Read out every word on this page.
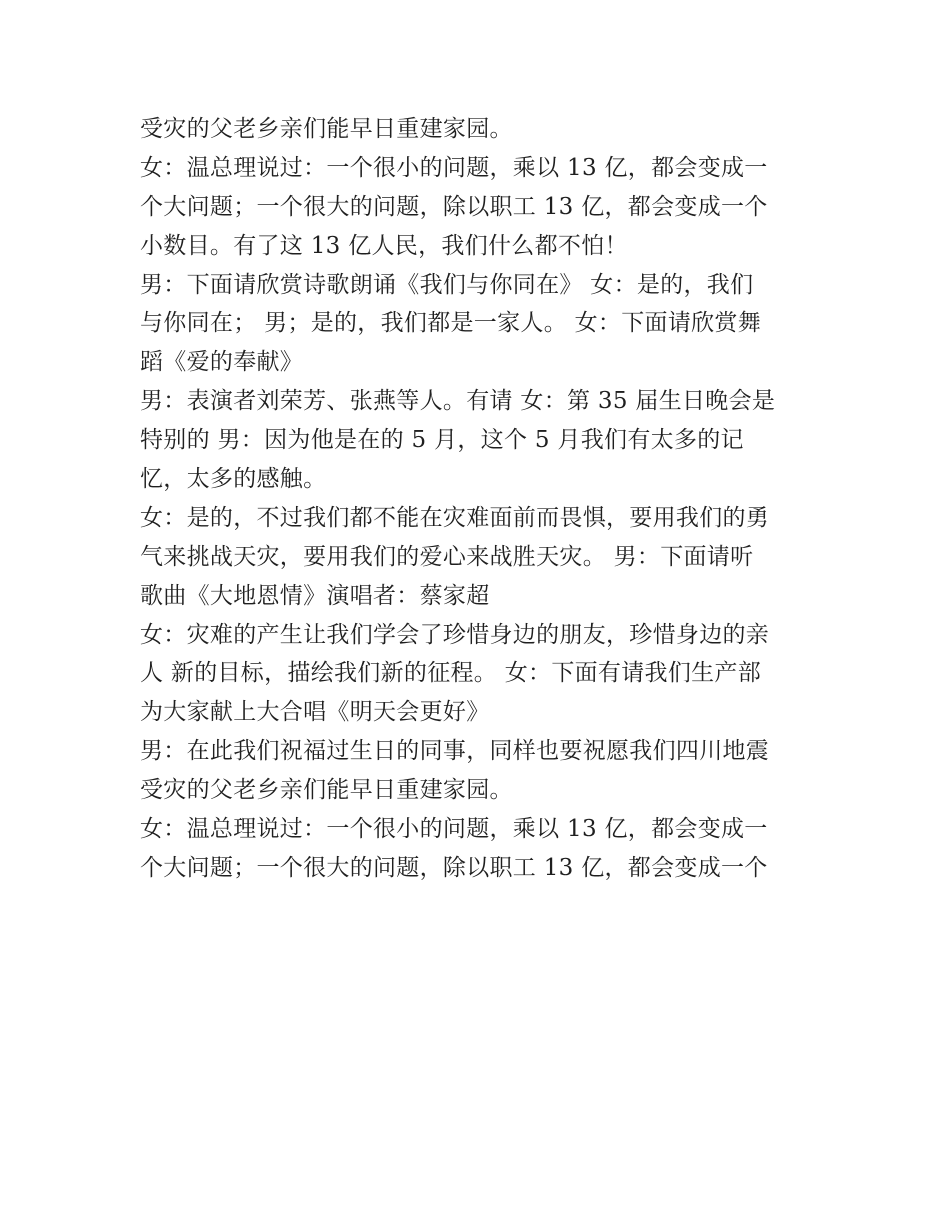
受灾的父老乡亲们能早日重建家园。
女：温总理说过：一个很小的问题，乘以 13 亿，都会变成一
个大问题；一个很大的问题，除以职工 13 亿，都会变成一个
小数目。有了这 13 亿人民，我们什么都不怕！
男：下面请欣赏诗歌朗诵《我们与你同在》 女：是的，我们
与你同在； 男；是的，我们都是一家人。 女：下面请欣赏舞
蹈《爱的奉献》
男：表演者刘荣芳、张燕等人。有请 女：第 35 届生日晚会是
特别的 男：因为他是在的 5 月，这个 5 月我们有太多的记
忆，太多的感触。
女：是的，不过我们都不能在灾难面前而畏惧，要用我们的勇
气来挑战天灾，要用我们的爱心来战胜天灾。 男：下面请听
歌曲《大地恩情》演唱者：蔡家超
女：灾难的产生让我们学会了珍惜身边的朋友，珍惜身边的亲
人 新的目标，描绘我们新的征程。 女：下面有请我们生产部
为大家献上大合唱《明天会更好》
男：在此我们祝福过生日的同事，同样也要祝愿我们四川地震
受灾的父老乡亲们能早日重建家园。
女：温总理说过：一个很小的问题，乘以 13 亿，都会变成一
个大问题；一个很大的问题，除以职工 13 亿，都会变成一个
